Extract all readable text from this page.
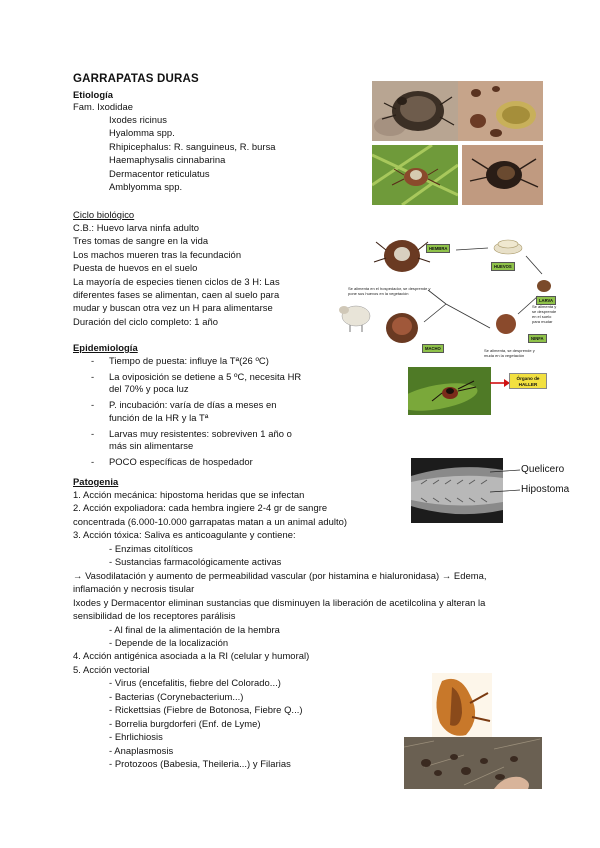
GARRAPATAS DURAS
Etiología
Fam. Ixodidae
Ixodes ricinus
Hyalomma spp.
Rhipicephalus: R. sanguineus, R. bursa
Haemaphysalis cinnabarina
Dermacentor reticulatus
Amblyomma spp.
Ciclo biológico
C.B.: Huevo larva ninfa adulto
Tres tomas de sangre en la vida
Los machos mueren tras la fecundación
Puesta de huevos en el suelo
La mayoría de especies tienen ciclos de 3 H: Las
diferentes fases se alimentan, caen al suelo para
mudar y buscan otra vez un H para alimentarse
Duración del ciclo completo: 1 año
Epidemiología
- Tiempo de puesta: influye la Tª(26 ºC)
- La oviposición se detiene a 5 ºC, necesita HR
del 70% y poca luz
- P. incubación: varía de días a meses en
función de la HR y la Tª
- Larvas muy resistentes: sobreviven 1 año o
más sin alimentarse
- POCO específicas de hospedador
Patogenia
1. Acción mecánica: hipostoma heridas que se infectan
2. Acción expoliadora: cada hembra ingiere 2-4 gr de sangre
concentrada (6.000-10.000 garrapatas matan a un animal adulto)
3. Acción tóxica: Saliva es anticoagulante y contiene:
- Enzimas citolíticos
- Sustancias farmacológicamente activas
→ Vasodilatación y aumento de permeabilidad vascular (por histamina e hialuronidasa) → Edema,
inflamación y necrosis tisular
Ixodes y Dermacentor eliminan sustancias que disminuyen la liberación de acetilcolina y alteran la
sensibilidad de los receptores parálisis
- Al final de la alimentación de la hembra
- Depende de la localización
4. Acción antigénica asociada a la RI (celular y humoral)
5. Acción vectorial
- Virus (encefalitis, fiebre del Colorado...)
- Bacterias (Corynebacterium...)
- Rickettsias (Fiebre de Botonosa, Fiebre Q...)
- Borrelia burgdorferi (Enf. de Lyme)
- Ehrlichiosis
- Anaplasmosis
- Protozoos (Babesia, Theileria...) y Filarias
HEMBRA
HUEVOS
LARVA
NINFA
MACHO
Se alimenta en el hospedador, se desprende y pone sus huevos en la vegetación
Se alimenta y se desprende en el suelo para mudar
Se alimenta, se desprende y muda en la vegetación
Órgano de HALLER
Quelicero
Hipostoma
